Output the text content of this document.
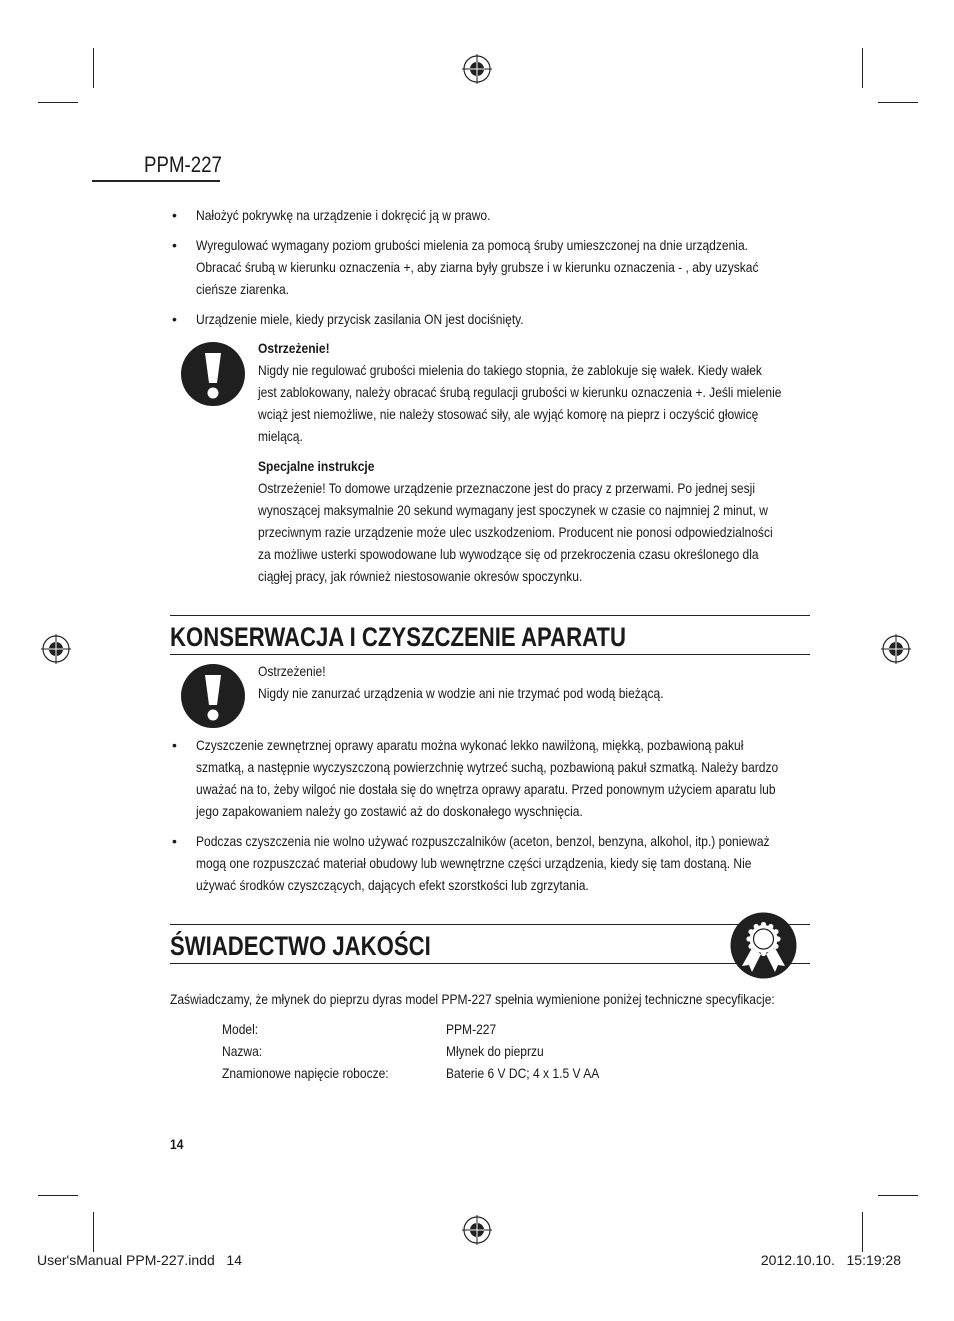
PPM-227
• Nałożyć pokrywkę na urządzenie i dokręcić ją w prawo.
• Wyregulować wymagany poziom grubości mielenia za pomocą śruby umieszczonej na dnie urządzenia.
Obracać śrubą w kierunku oznaczenia +, aby ziarna były grubsze i w kierunku oznaczenia - , aby uzyskać
cieńsze ziarenka.
• Urządzenie miele, kiedy przycisk zasilania ON jest dociśnięty.
Ostrzeżenie!
Nigdy nie regulować grubości mielenia do takiego stopnia, że zablokuje się wałek. Kiedy wałek
jest zablokowany, należy obracać śrubą regulacji grubości w kierunku oznaczenia +. Jeśli mielenie
wciąż jest niemożliwe, nie należy stosować siły, ale wyjąć komorę na pieprz i oczyścić głowicę
mielącą.
Specjalne instrukcje
Ostrzeżenie! To domowe urządzenie przeznaczone jest do pracy z przerwami. Po jednej sesji
wynoszącej maksymalnie 20 sekund wymagany jest spoczynek w czasie co najmniej 2 minut, w
przeciwnym razie urządzenie może ulec uszkodzeniom. Producent nie ponosi odpowiedzialności
za możliwe usterki spowodowane lub wywodzące się od przekroczenia czasu określonego dla
ciągłej pracy, jak również niestosowanie okresów spoczynku.
KONSERWACJA I CZYSZCZENIE APARATU
Ostrzeżenie!
Nigdy nie zanurzać urządzenia w wodzie ani nie trzymać pod wodą bieżącą.
• Czyszczenie zewnętrznej oprawy aparatu można wykonać lekko nawilżoną, miękką, pozbawioną pakuł
szmatką, a następnie wyczyszczoną powierzchnię wytrzeć suchą, pozbawioną pakuł szmatką. Należy bardzo
uważać na to, żeby wilgoć nie dostała się do wnętrza oprawy aparatu. Przed ponownym użyciem aparatu lub
jego zapakowaniem należy go zostawić aż do doskonałego wyschnięcia.
• Podczas czyszczenia nie wolno używać rozpuszczalników (aceton, benzol, benzyna, alkohol, itp.) ponieważ
mogą one rozpuszczać materiał obudowy lub wewnętrzne części urządzenia, kiedy się tam dostaną. Nie
używać środków czyszczących, dających efekt szorstkości lub zgrzytania.
ŚWIADECTWO JAKOŚCI
Zaświadczamy, że młynek do pieprzu dyras model PPM-227 spełnia wymienione poniżej techniczne specyfikacje:
Model:	PPM-227
Nazwa:	Młynek do pieprzu
Znamionowe napięcie robocze:	Baterie 6 V DC; 4 x 1.5 V AA
14
User'sManual PPM-227.indd   14	2012.10.10.   15:19:28
